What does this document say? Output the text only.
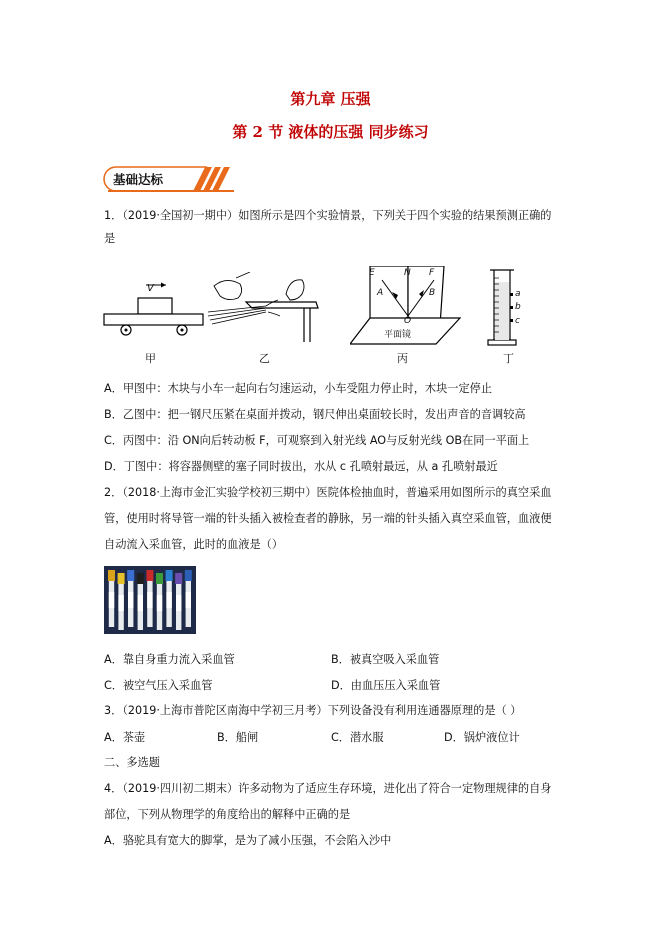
第九章 压强
第 2 节 液体的压强 同步练习
基础达标
1．（2019·全国初一期中）如图所示是四个实验情景，下列关于四个实验的结果预测正确的
是
V
E	N F
A	B
O
平面镜
a
b
c
甲	乙	丙	丁
A．甲图中：木块与小车一起向右匀速运动，小车受阻力停止时，木块一定停止
B．乙图中：把一钢尺压紧在桌面并拨动，钢尺伸出桌面较长时，发出声音的音调较高
C．丙图中：沿 ON向后转动板 F，可观察到入射光线 AO与反射光线 OB在同一平面上
D．丁图中：将容器侧壁的塞子同时拔出，水从 c 孔喷射最远，从 a 孔喷射最近
2．（2018·上海市金汇实验学校初三期中）医院体检抽血时，普遍采用如图所示的真空采血
管，使用时将导管一端的针头插入被检查者的静脉，另一端的针头插入真空采血管，血液便
自动流入采血管，此时的血液是（）
A．靠自身重力流入采血管	B．被真空吸入采血管
C．被空气压入采血管	D．由血压压入采血管
3．（2019·上海市普陀区南海中学初三月考）下列设备没有利用连通器原理的是（ ）
A．茶壶	B．船闸	C．潜水服	D．锅炉液位计
二、多选题
4．（2019·四川初二期末）许多动物为了适应生存环境，进化出了符合一定物理规律的自身
部位，下列从物理学的角度给出的解释中正确的是
A．骆驼具有宽大的脚掌，是为了减小压强，不会陷入沙中
